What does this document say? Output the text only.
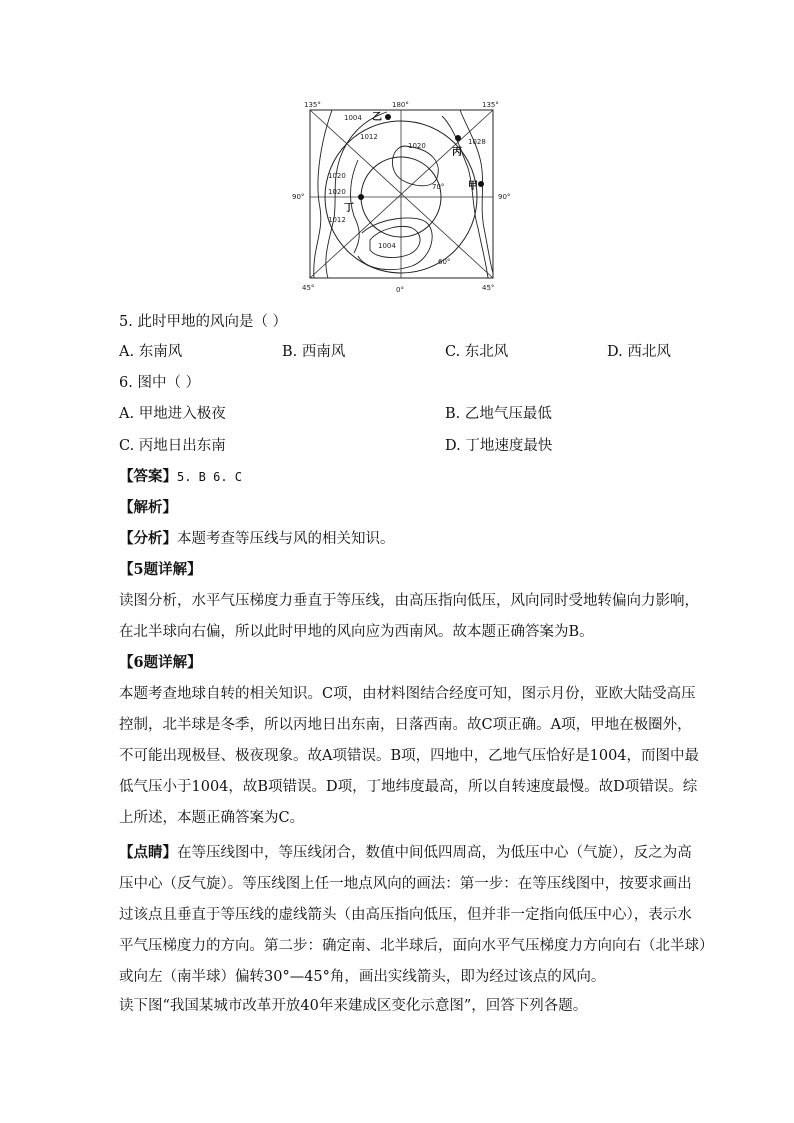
135°	180°	135°
90°	90°
45°	0°	45°
1004
1012
1020	1028
1020
1020
1012
1004
70°
60°
乙
丙
甲
丁
5. 此时甲地的风向是（ ）
A. 东南风	B. 西南风	C. 东北风	D. 西北风
6. 图中（ ）
A. 甲地进入极夜	B. 乙地气压最低
C. 丙地日出东南	D. 丁地速度最快
【答案】5. B 6. C
【解析】
【分析】本题考查等压线与风的相关知识。
【5题详解】
读图分析，水平气压梯度力垂直于等压线，由高压指向低压，风向同时受地转偏向力影响，
在北半球向右偏，所以此时甲地的风向应为西南风。故本题正确答案为B。
【6题详解】
本题考查地球自转的相关知识。C项，由材料图结合经度可知，图示月份，亚欧大陆受高压
控制，北半球是冬季，所以丙地日出东南，日落西南。故C项正确。A项，甲地在极圈外，
不可能出现极昼、极夜现象。故A项错误。B项，四地中，乙地气压恰好是1004，而图中最
低气压小于1004，故B项错误。D项，丁地纬度最高，所以自转速度最慢。故D项错误。综
上所述，本题正确答案为C。
【点睛】在等压线图中，等压线闭合，数值中间低四周高，为低压中心（气旋），反之为高
压中心（反气旋）。等压线图上任一地点风向的画法：第一步：在等压线图中，按要求画出
过该点且垂直于等压线的虚线箭头（由高压指向低压，但并非一定指向低压中心），表示水
平气压梯度力的方向。第二步：确定南、北半球后，面向水平气压梯度力方向向右（北半球）
或向左（南半球）偏转30°—45°角，画出实线箭头，即为经过该点的风向。
读下图“我国某城市改革开放40年来建成区变化示意图”，回答下列各题。
